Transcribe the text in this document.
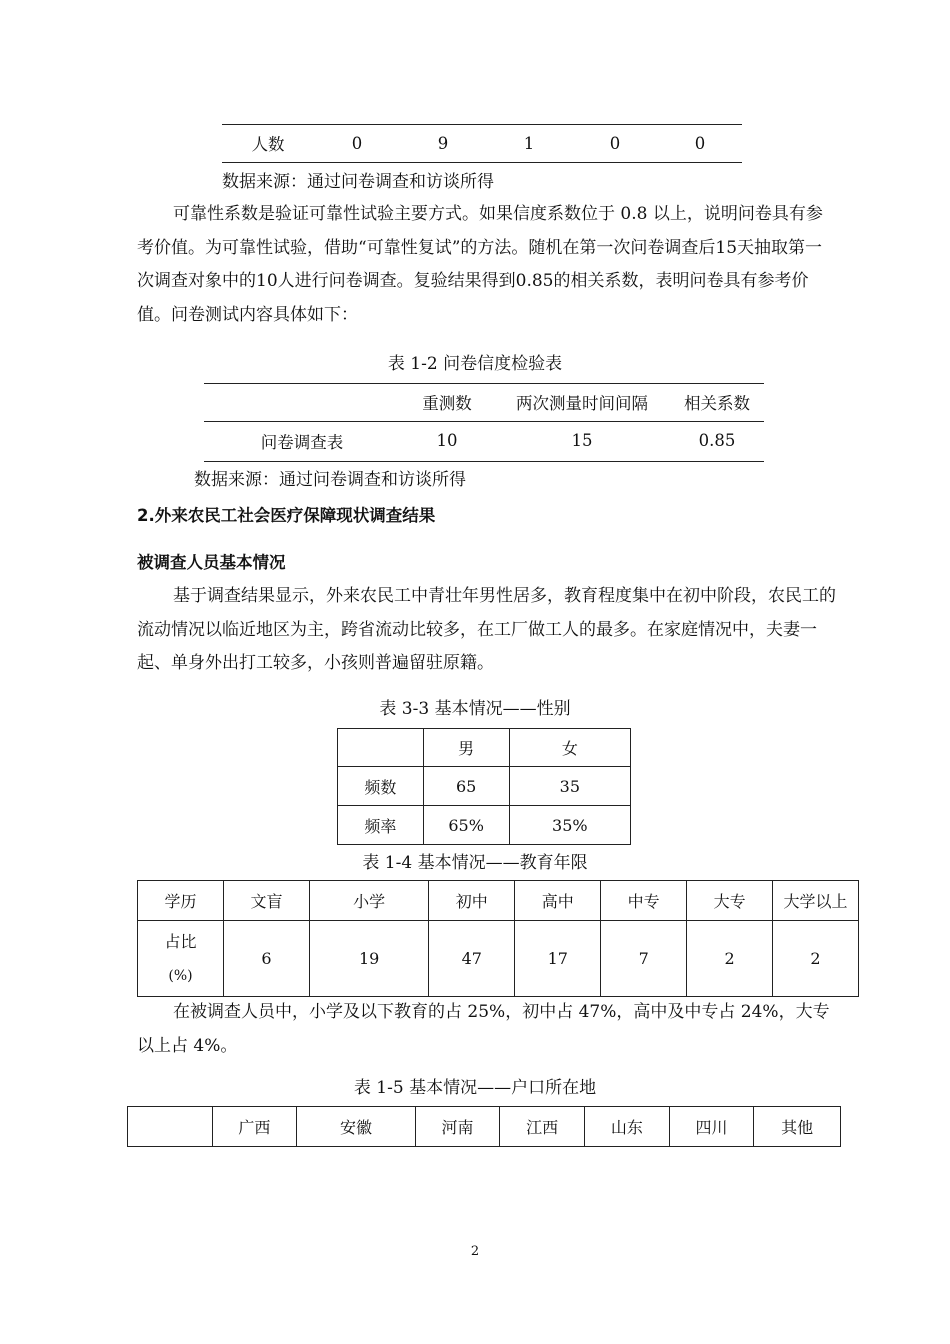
人数	0	9	1	0	0
数据来源：通过问卷调查和访谈所得
可靠性系数是验证可靠性试验主要方式。如果信度系数位于 0.8 以上，说明问卷具有参考价值。为可靠性试验，借助“可靠性复试”的方法。随机在第一次问卷调查后15天抽取第一次调查对象中的10人进行问卷调查。复验结果得到0.85的相关系数，表明问卷具有参考价值。问卷测试内容具体如下：
表 1-2 问卷信度检验表
	重测数	两次测量时间间隔	相关系数
问卷调查表	10	15	0.85
数据来源：通过问卷调查和访谈所得
2.外来农民工社会医疗保障现状调查结果
被调查人员基本情况
基于调查结果显示，外来农民工中青壮年男性居多，教育程度集中在初中阶段，农民工的流动情况以临近地区为主，跨省流动比较多，在工厂做工人的最多。在家庭情况中，夫妻一起、单身外出打工较多，小孩则普遍留驻原籍。
表 3-3 基本情况——性别
	男	女
频数	65	35
频率	65%	35%
表 1-4 基本情况——教育年限
学历	文盲	小学	初中	高中	中专	大专	大学以上

占比
(%)	6	19	47	17	7	2	2
在被调查人员中，小学及以下教育的占 25%，初中占 47%，高中及中专占 24%，大专以上占 4%。
表 1-5 基本情况——户口所在地
	广西	安徽	河南	江西	山东	四川	其他
2
